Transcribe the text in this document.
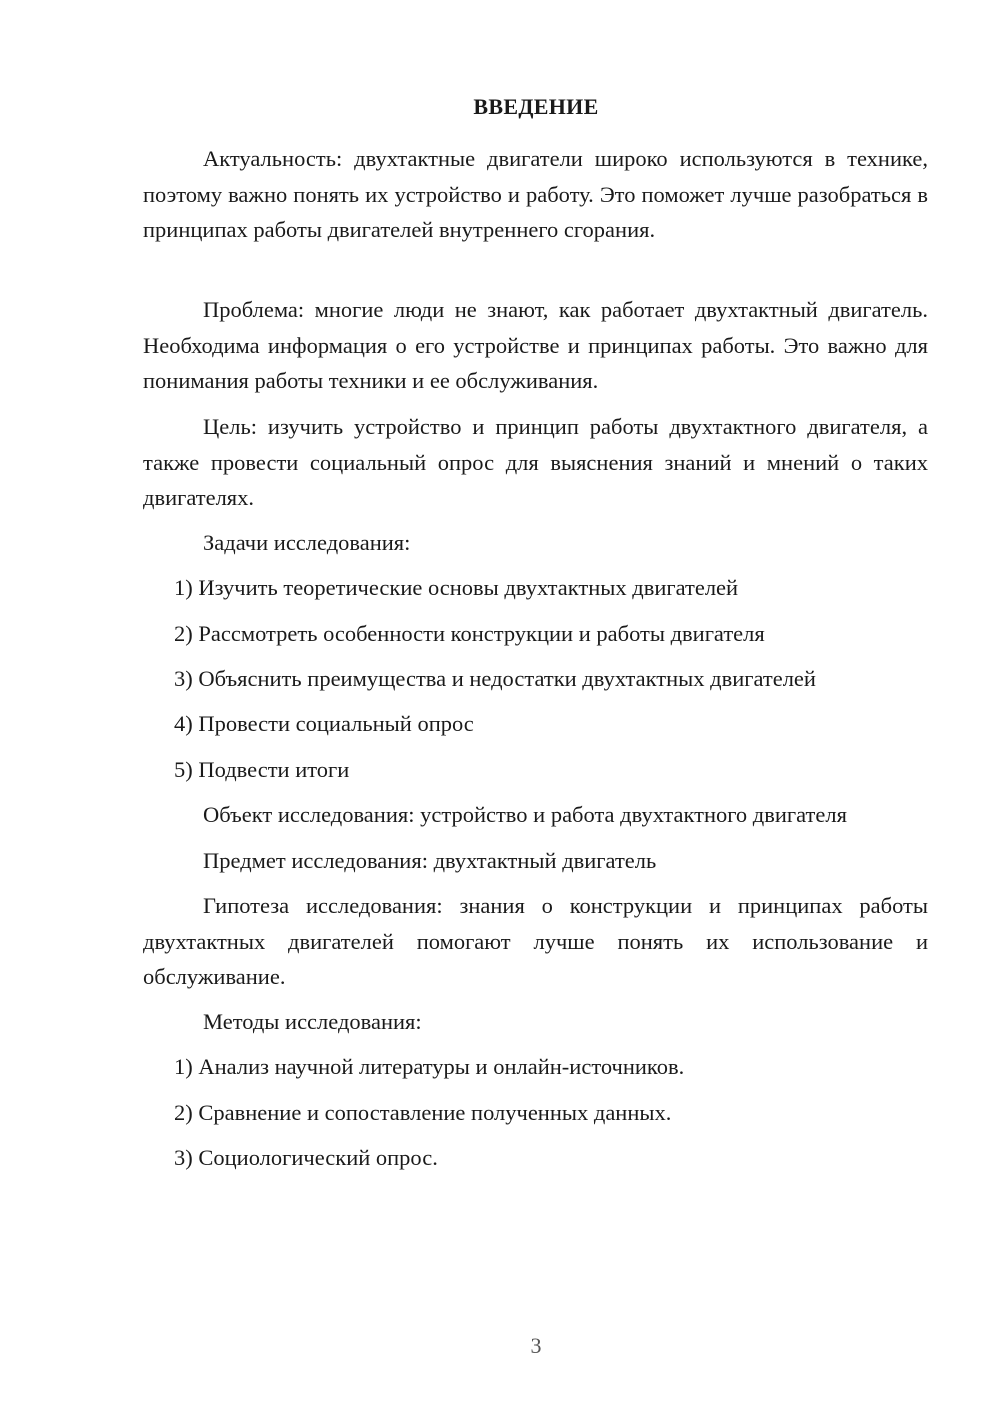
ВВЕДЕНИЕ

Актуальность: двухтактные двигатели широко используются в технике, поэтому важно понять их устройство и работу. Это поможет лучше разобраться в принципах работы двигателей внутреннего сгорания.

Проблема: многие люди не знают, как работает двухтактный двигатель. Необходима информация о его устройстве и принципах работы. Это важно для понимания работы техники и ее обслуживания.

Цель: изучить устройство и принцип работы двухтактного двигателя, а также провести социальный опрос для выяснения знаний и мнений о таких двигателях.

Задачи исследования:

1) Изучить теоретические основы двухтактных двигателей

2) Рассмотреть особенности конструкции и работы двигателя

3) Объяснить преимущества и недостатки двухтактных двигателей

4) Провести социальный опрос

5) Подвести итоги

Объект исследования: устройство и работа двухтактного двигателя

Предмет исследования: двухтактный двигатель

Гипотеза исследования: знания о конструкции и принципах работы двухтактных двигателей помогают лучше понять их использование и обслуживание.

Методы исследования:

1) Анализ научной литературы и онлайн-источников.

2) Сравнение и сопоставление полученных данных.

3) Социологический опрос.

3
